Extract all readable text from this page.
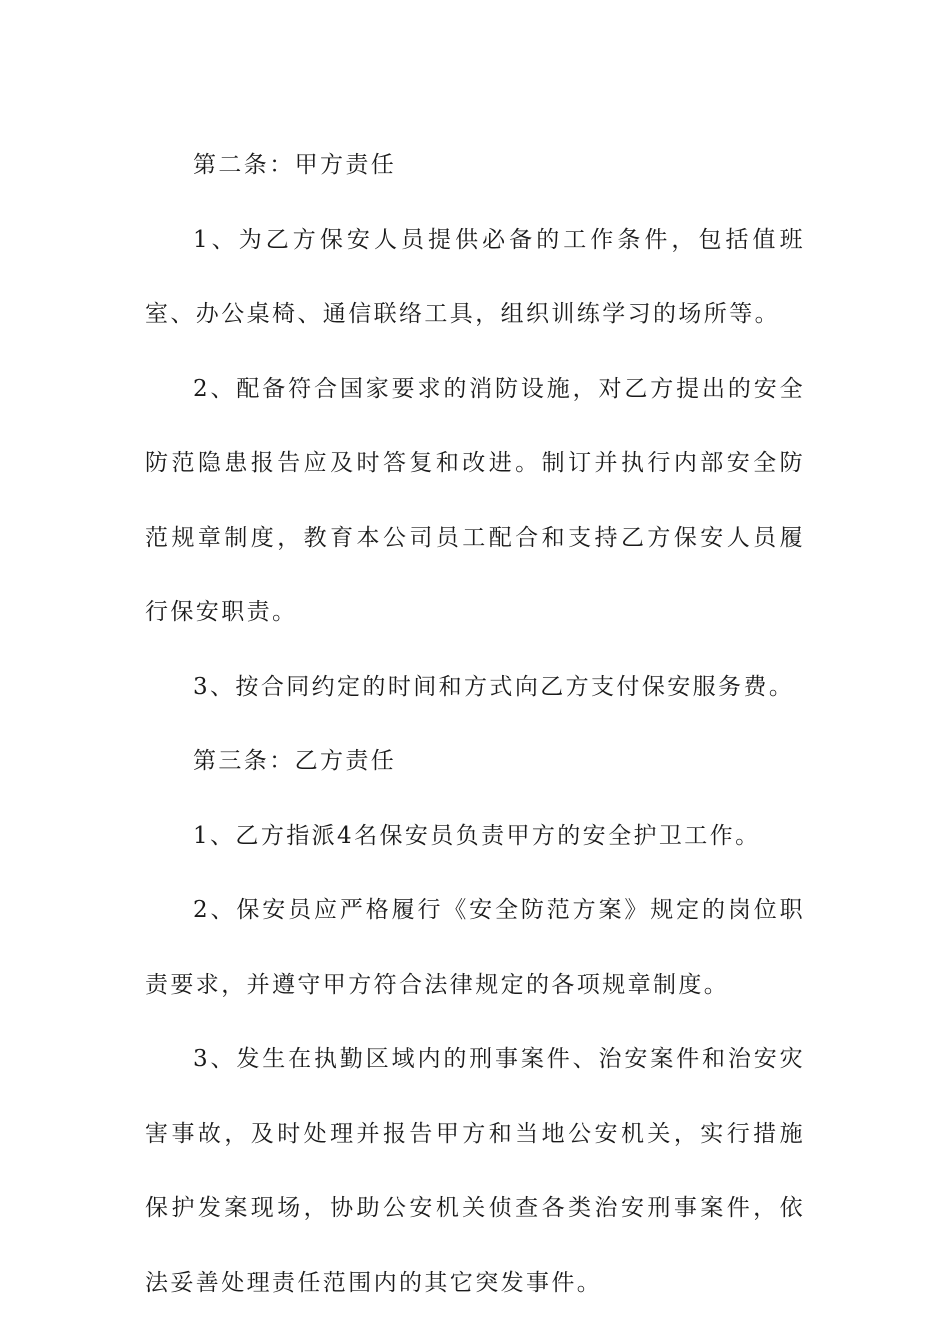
第二条：甲方责任

1、为乙方保安人员提供必备的工作条件，包括值班室、办公桌椅、通信联络工具，组织训练学习的场所等。

2、配备符合国家要求的消防设施，对乙方提出的安全防范隐患报告应及时答复和改进。制订并执行内部安全防范规章制度，教育本公司员工配合和支持乙方保安人员履行保安职责。

3、按合同约定的时间和方式向乙方支付保安服务费。

第三条：乙方责任

1、乙方指派4名保安员负责甲方的安全护卫工作。

2、保安员应严格履行《安全防范方案》规定的岗位职责要求，并遵守甲方符合法律规定的各项规章制度。

3、发生在执勤区域内的刑事案件、治安案件和治安灾害事故，及时处理并报告甲方和当地公安机关，实行措施保护发案现场，协助公安机关侦查各类治安刑事案件，依法妥善处理责任范围内的其它突发事件。
